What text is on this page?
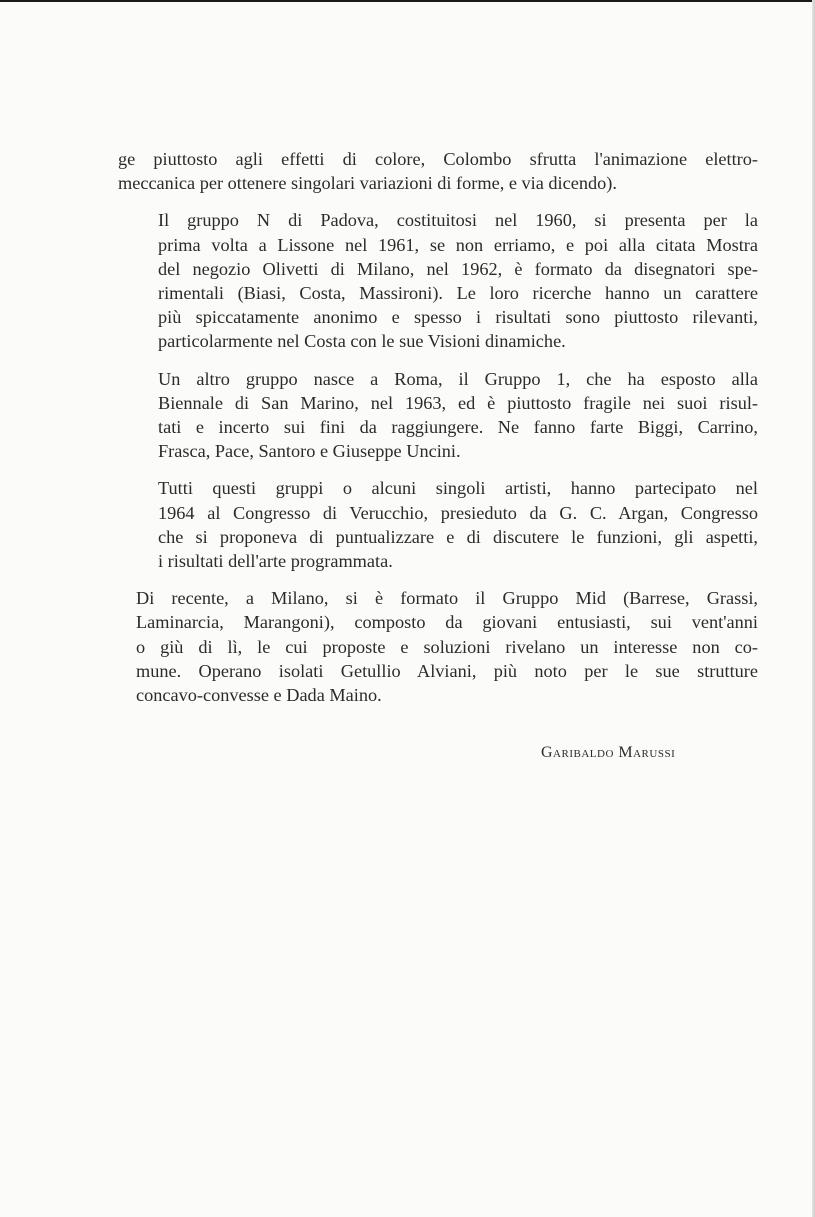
ge piuttosto agli effetti di colore, Colombo sfrutta l'animazione elettro-
meccanica per ottenere singolari variazioni di forme, e via dicendo).

Il gruppo N di Padova, costituitosi nel 1960, si presenta per la
prima volta a Lissone nel 1961, se non erriamo, e poi alla citata Mostra
del negozio Olivetti di Milano, nel 1962, è formato da disegnatori spe-
rimentali (Biasi, Costa, Massironi). Le loro ricerche hanno un carattere
più spiccatamente anonimo e spesso i risultati sono piuttosto rilevanti,
particolarmente nel Costa con le sue Visioni dinamiche.

Un altro gruppo nasce a Roma, il Gruppo 1, che ha esposto alla
Biennale di San Marino, nel 1963, ed è piuttosto fragile nei suoi risul-
tati e incerto sui fini da raggiungere. Ne fanno farte Biggi, Carrino,
Frasca, Pace, Santoro e Giuseppe Uncini.

Tutti questi gruppi o alcuni singoli artisti, hanno partecipato nel
1964 al Congresso di Verucchio, presieduto da G. C. Argan, Congresso
che si proponeva di puntualizzare e di discutere le funzioni, gli aspetti,
i risultati dell'arte programmata.

Di recente, a Milano, si è formato il Gruppo Mid (Barrese, Grassi,
Laminarcia, Marangoni), composto da giovani entusiasti, sui vent'anni
o giù di lì, le cui proposte e soluzioni rivelano un interesse non co-
mune. Operano isolati Getullio Alviani, più noto per le sue strutture
concavo-convesse e Dada Maino.

Garibaldo Marussi
